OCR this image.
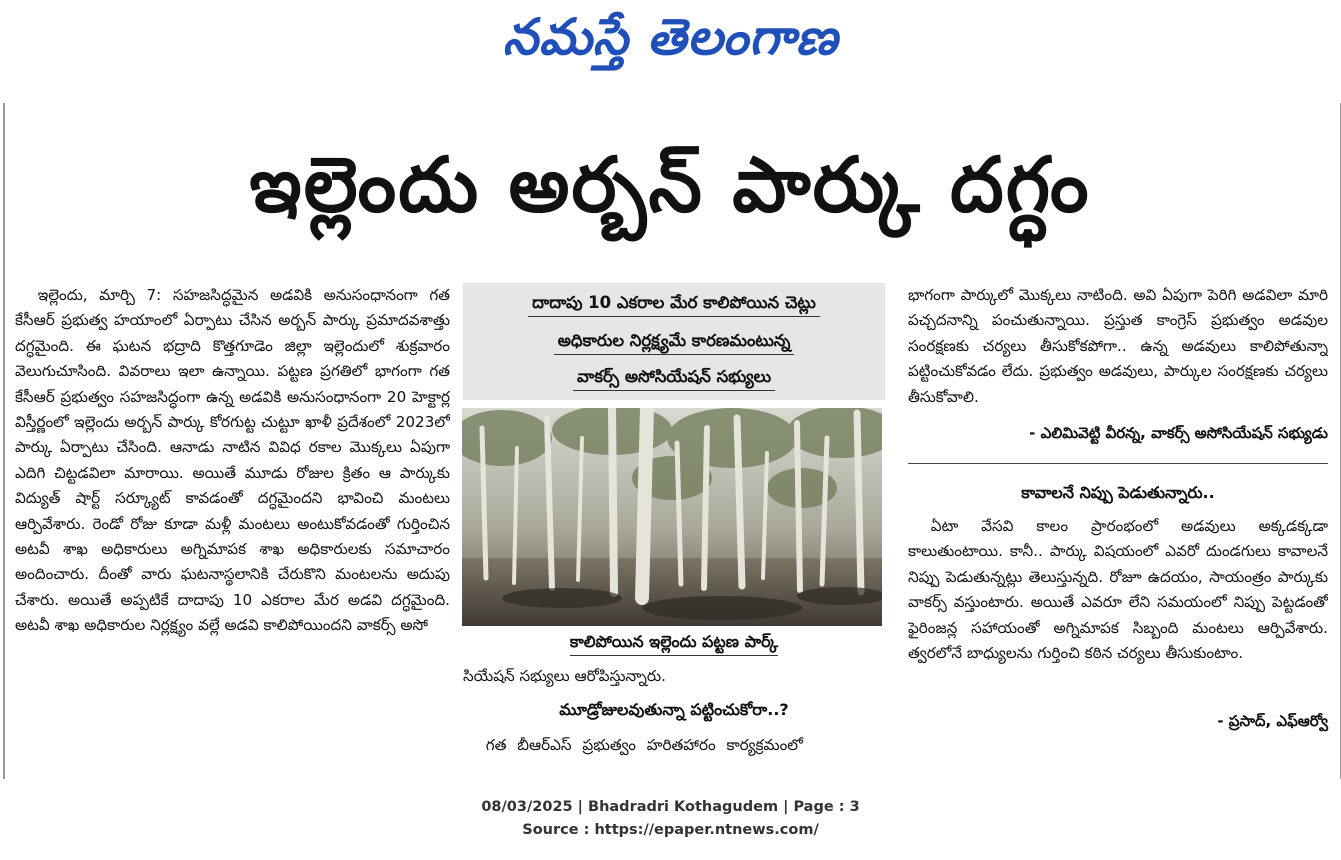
నమస్తే తెలంగాణ
ఇల్లెందు అర్బన్ పార్కు దగ్ధం

ఇల్లెందు, మార్చి 7: సహజసిద్ధమైన అడవికి అనుసంధానంగా గత కేసీఆర్ ప్రభుత్వ హయాంలో ఏర్పాటు చేసిన అర్బన్ పార్కు ప్రమాదవశాత్తు దగ్ధమైంది. ఈ ఘటన భద్రాది కొత్తగూడెం జిల్లా ఇల్లెందులో శుక్రవారం వెలుగుచూసింది. వివరాలు ఇలా ఉన్నాయి. పట్టణ ప్రగతిలో భాగంగా గత కేసీఆర్ ప్రభుత్వం సహజసిద్ధంగా ఉన్న అడవికి అనుసంధానంగా 20 హెక్టార్ల విస్తీర్ణంలో ఇల్లెందు అర్బన్ పార్కు కోరగుట్ట చుట్టూ ఖాళీ ప్రదేశంలో 2023లో పార్కు ఏర్పాటు చేసింది. ఆనాడు నాటిన వివిధ రకాల మొక్కలు ఏపుగా ఎదిగి చిట్టడవిలా మారాయి. అయితే మూడు రోజుల క్రితం ఆ పార్కుకు విద్యుత్ షార్ట్ సర్క్యూట్ కావడంతో దగ్ధమైందని భావించి మంటలు ఆర్పివేశారు. రెండో రోజు కూడా మళ్లీ మంటలు అంటుకోవడంతో గుర్తించిన అటవీ శాఖ అధికారులు అగ్నిమాపక శాఖ అధికారులకు సమాచారం అందించారు. దీంతో వారు ఘటనాస్థలానికి చేరుకొని మంటలను అదుపు చేశారు. అయితే అప్పటికే దాదాపు 10 ఎకరాల మేర అడవి దగ్ధమైంది. అటవీ శాఖ అధికారుల నిర్లక్ష్యం వల్లే అడవి కాలిపోయిందని వాకర్స్ అసో

దాదాపు 10 ఎకరాల మేర కాలిపోయిన చెట్లు
అధికారుల నిర్లక్ష్యమే కారణమంటున్న
వాకర్స్ అసోసియేషన్ సభ్యులు
కాలిపోయిన ఇల్లెందు పట్టణ పార్క్
సియేషన్ సభ్యులు ఆరోపిస్తున్నారు.
మూడ్రోజులవుతున్నా పట్టించుకోరా..?
గత బీఆర్ఎస్ ప్రభుత్వం హరితహారం కార్యక్రమంలో

భాగంగా పార్కులో మొక్కలు నాటింది. అవి ఏపుగా పెరిగి అడవిలా మారి పచ్చదనాన్ని పంచుతున్నాయి. ప్రస్తుత కాంగ్రెస్ ప్రభుత్వం అడవుల సంరక్షణకు చర్యలు తీసుకోకపోగా.. ఉన్న అడవులు కాలిపోతున్నా పట్టించుకోవడం లేదు. ప్రభుత్వం అడవులు, పార్కుల సంరక్షణకు చర్యలు తీసుకోవాలి.

- ఎలిమివెట్టి వీరన్న, వాకర్స్ అసోసియేషన్ సభ్యుడు
కావాలనే నిప్పు పెడుతున్నారు..

ఏటా వేసవి కాలం ప్రారంభంలో అడవులు అక్కడక్కడా కాలుతుంటాయి. కానీ.. పార్కు విషయంలో ఎవరో దుండగులు కావాలనే నిప్పు పెడుతున్నట్లు తెలుస్తున్నది. రోజూ ఉదయం, సాయంత్రం పార్కుకు వాకర్స్ వస్తుంటారు. అయితే ఎవరూ లేని సమయంలో నిప్పు పెట్టడంతో ఫైరింజన్ల సహాయంతో అగ్నిమాపక సిబ్బంది మంటలు ఆర్పివేశారు. త్వరలోనే బాధ్యులను గుర్తించి కఠిన చర్యలు తీసుకుంటాం.

- ప్రసాద్, ఎఫ్ఆర్వో
08/03/2025 | Bhadradri Kothagudem | Page : 3
Source : https://epaper.ntnews.com/
